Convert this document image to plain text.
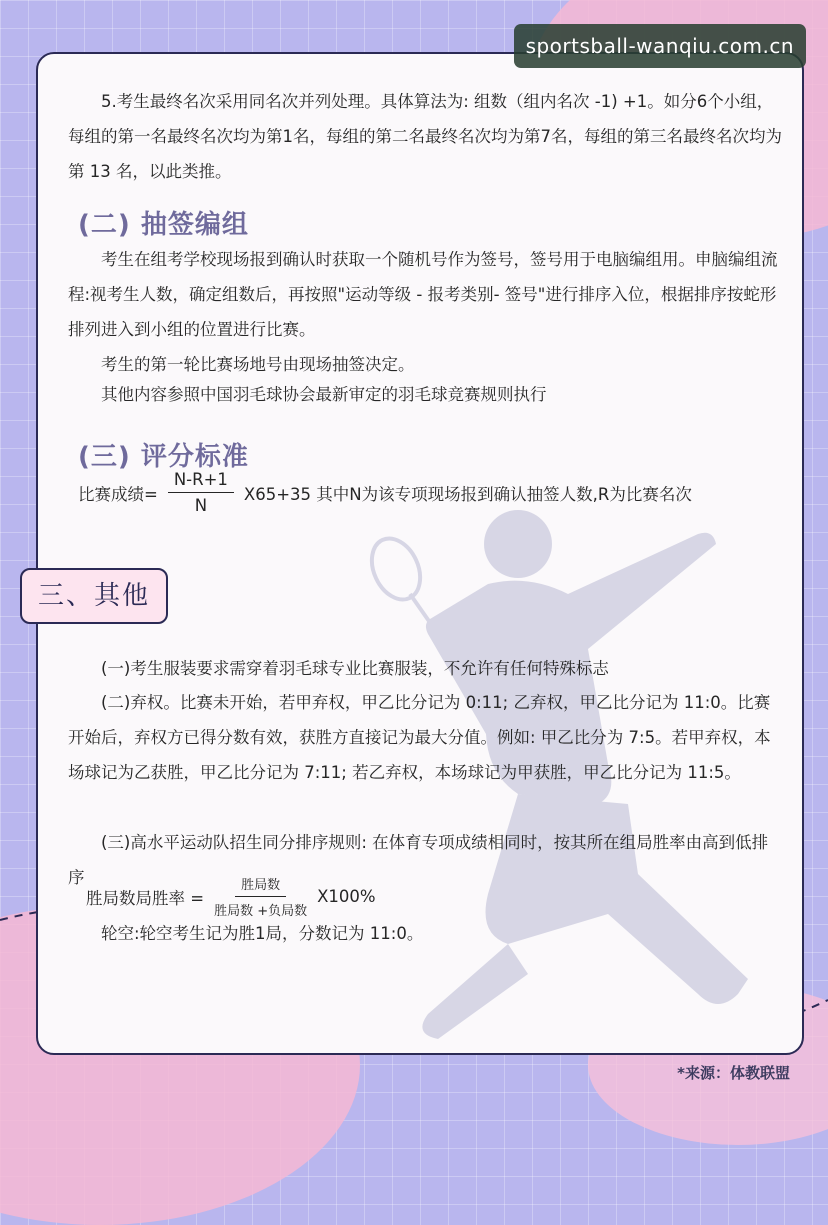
sportsball-wanqiu.com.cn

5.考生最终名次采用同名次并列处理。具体算法为: 组数（组内名次 -1) +1。如分6个小组，每组的第一名最终名次均为第1名，每组的第二名最终名次均为第7名，每组的第三名最终名次均为第 13 名，以此类推。

(二) 抽签编组

考生在组考学校现场报到确认时获取一个随机号作为签号，签号用于电脑编组用。申脑编组流程:视考生人数，确定组数后，再按照"运动等级 - 报考类别- 签号"进行排序入位，根据排序按蛇形排列进入到小组的位置进行比赛。

考生的第一轮比赛场地号由现场抽签决定。

其他内容参照中国羽毛球协会最新审定的羽毛球竞赛规则执行

(三) 评分标准
比赛成绩= $\frac{N-R+1}{N} X65+35$ 其中N为该专项现场报到确认抽签人数,R为比赛名次

(一)考生服装要求需穿着羽毛球专业比赛服装，不允许有任何特殊标志

(二)弃权。比赛未开始，若甲弃权，甲乙比分记为 0:11; 乙弃权，甲乙比分记为 11:0。比赛开始后，弃权方已得分数有效，获胜方直接记为最大分值。例如: 甲乙比分为 7:5。若甲弃权，本场球记为乙获胜，甲乙比分记为 7:11; 若乙弃权，本场球记为甲获胜，甲乙比分记为 11:5。

(三)高水平运动队招生同分排序规则: 在体育专项成绩相同时，按其所在组局胜率由高到低排序

胜局数局胜率 = $\frac{\text{胜局数}}{\text{胜局数 +负局数}} X100\%$

轮空:轮空考生记为胜1局，分数记为 11:0。

三、其他
*来源：体教联盟
